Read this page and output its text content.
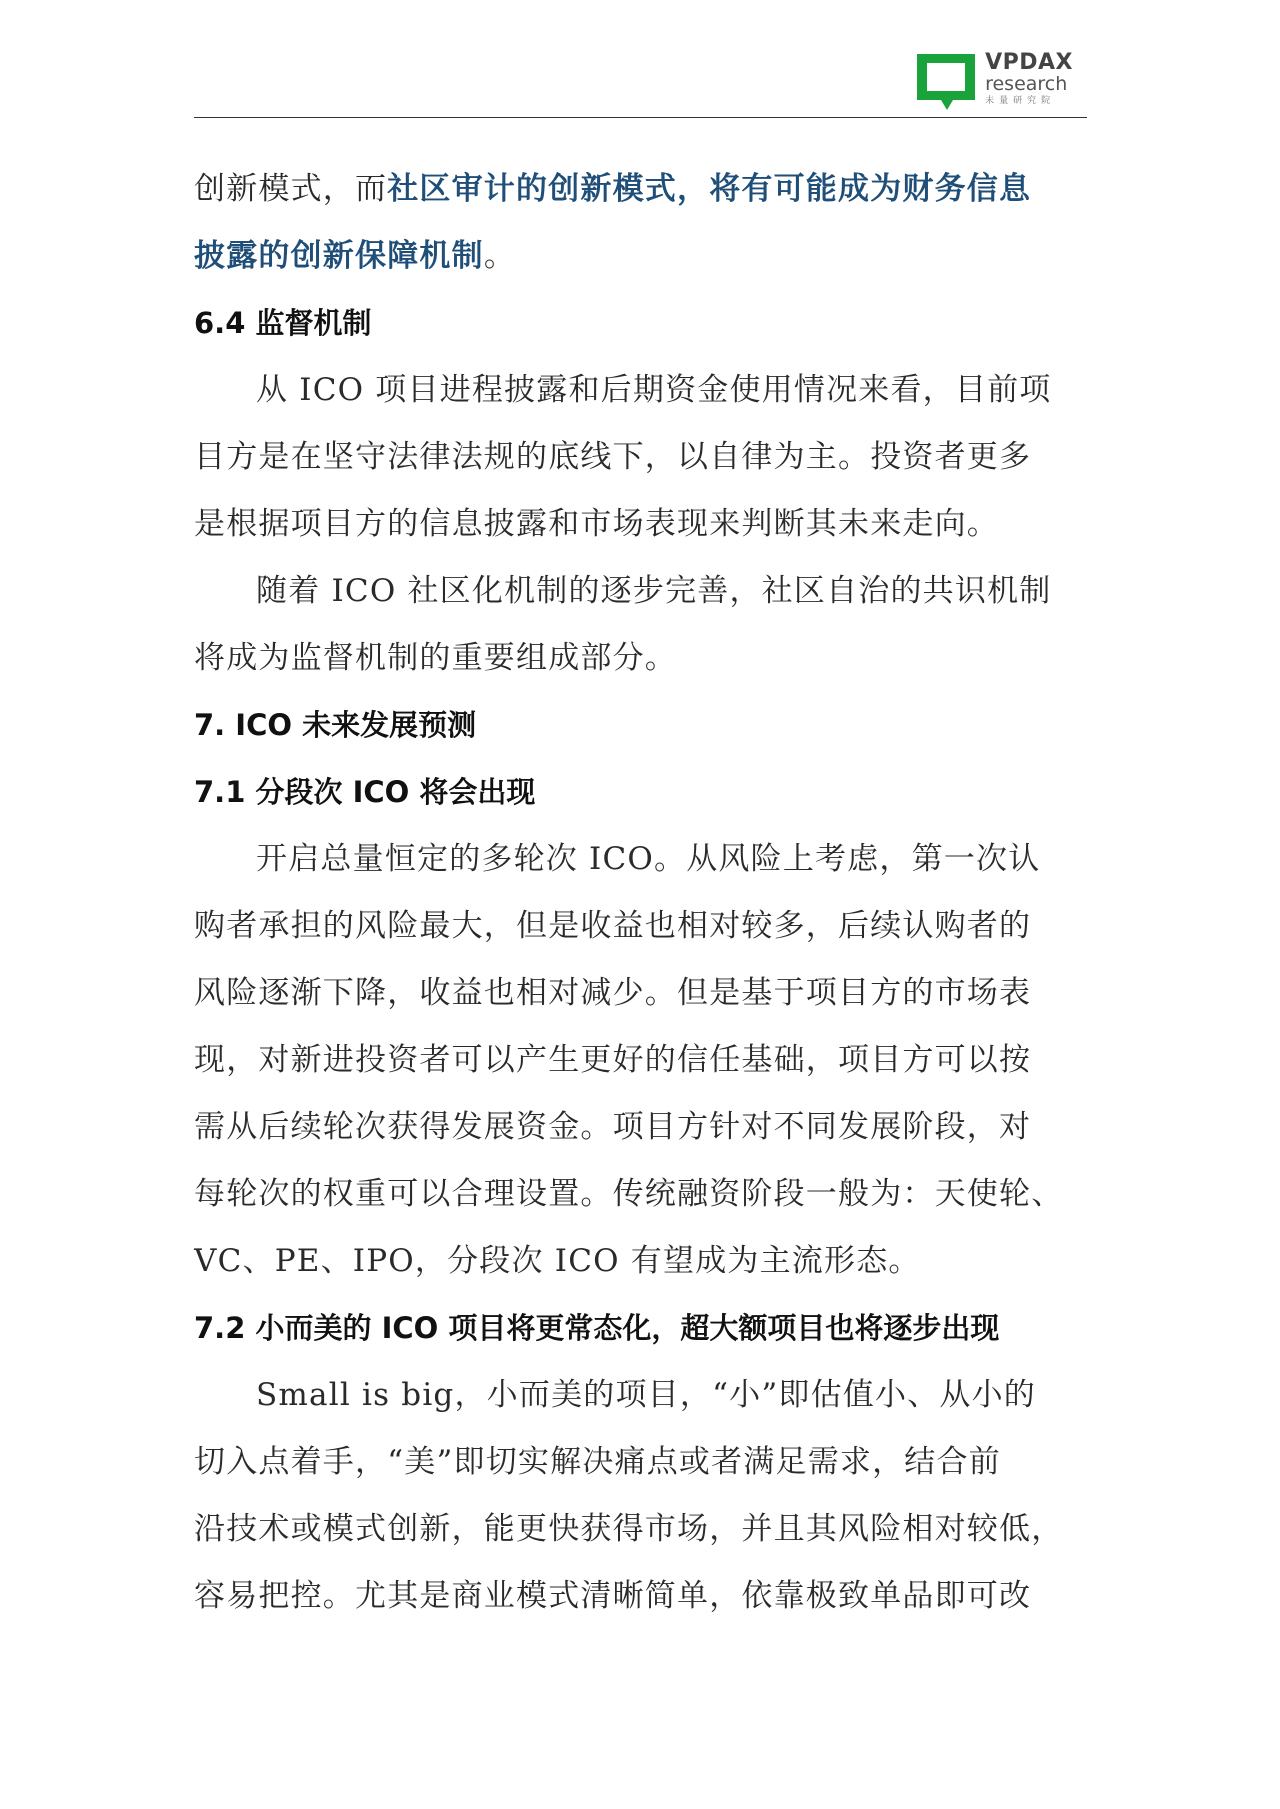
VPDAX
research
未量研究院
创新模式，而社区审计的创新模式，将有可能成为财务信息
披露的创新保障机制。
6.4 监督机制
从 ICO 项目进程披露和后期资金使用情况来看，目前项
目方是在坚守法律法规的底线下，以自律为主。投资者更多
是根据项目方的信息披露和市场表现来判断其未来走向。
随着 ICO 社区化机制的逐步完善，社区自治的共识机制
将成为监督机制的重要组成部分。
7. ICO 未来发展预测
7.1 分段次 ICO 将会出现
开启总量恒定的多轮次 ICO。从风险上考虑，第一次认
购者承担的风险最大，但是收益也相对较多，后续认购者的
风险逐渐下降，收益也相对减少。但是基于项目方的市场表
现，对新进投资者可以产生更好的信任基础，项目方可以按
需从后续轮次获得发展资金。项目方针对不同发展阶段，对
每轮次的权重可以合理设置。传统融资阶段一般为：天使轮、
VC、PE、IPO，分段次 ICO 有望成为主流形态。
7.2 小而美的 ICO 项目将更常态化，超大额项目也将逐步出现
Small is big，小而美的项目，“小”即估值小、从小的
切入点着手，“美”即切实解决痛点或者满足需求，结合前
沿技术或模式创新，能更快获得市场，并且其风险相对较低，
容易把控。尤其是商业模式清晰简单，依靠极致单品即可改
